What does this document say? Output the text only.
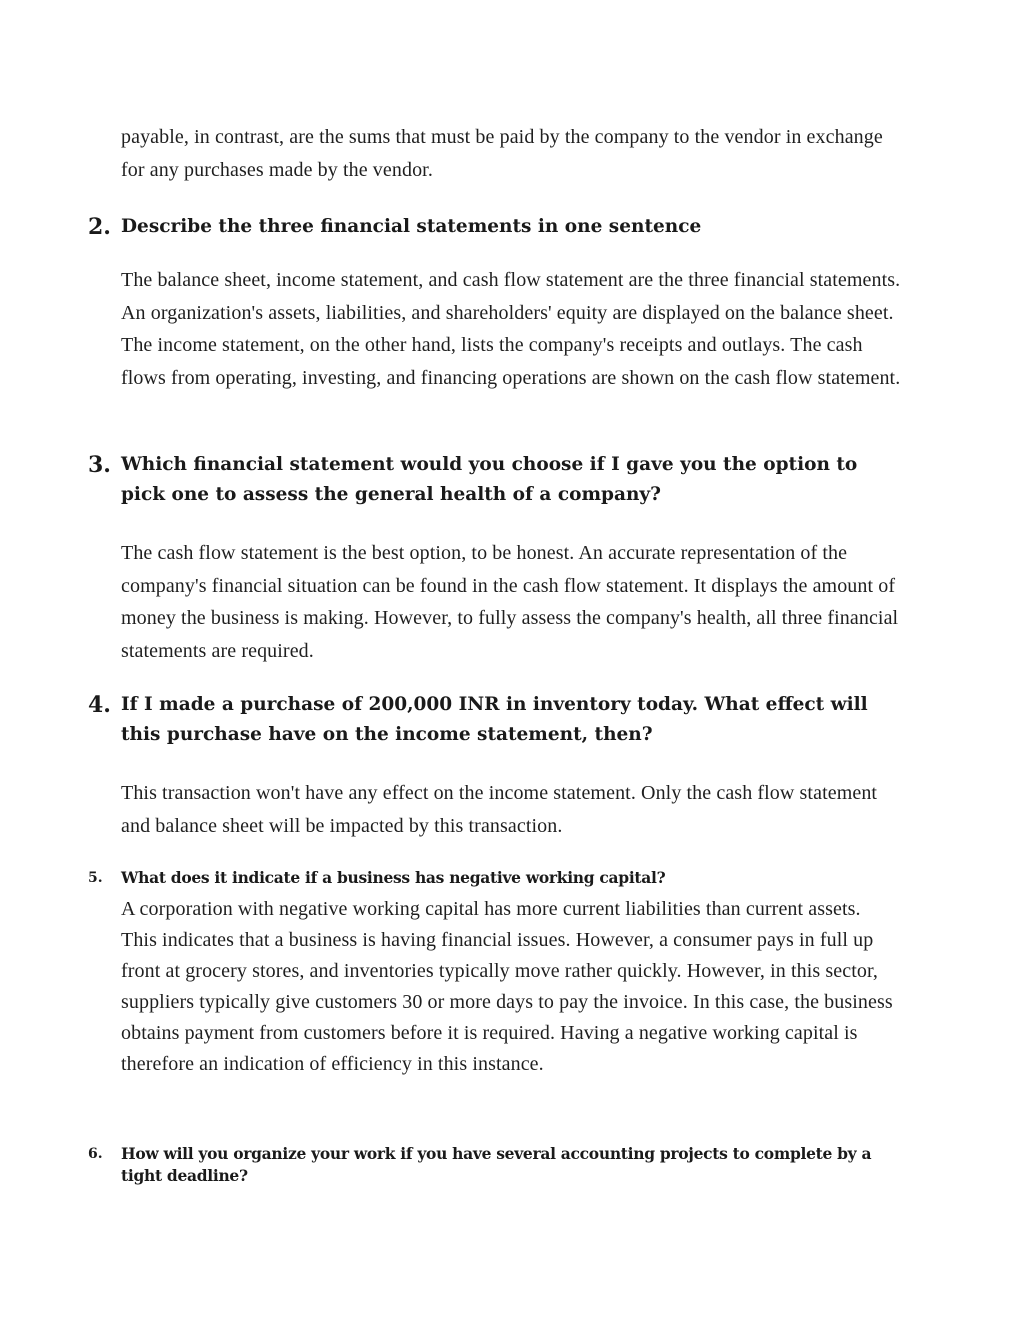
payable, in contrast, are the sums that must be paid by the company to the vendor in exchange for any purchases made by the vendor.

2. Describe the three financial statements in one sentence

The balance sheet, income statement, and cash flow statement are the three financial statements. An organization's assets, liabilities, and shareholders' equity are displayed on the balance sheet. The income statement, on the other hand, lists the company's receipts and outlays. The cash flows from operating, investing, and financing operations are shown on the cash flow statement.

3. Which financial statement would you choose if I gave you the option to pick one to assess the general health of a company?

The cash flow statement is the best option, to be honest. An accurate representation of the company's financial situation can be found in the cash flow statement. It displays the amount of money the business is making. However, to fully assess the company's health, all three financial statements are required.

4. If I made a purchase of 200,000 INR in inventory today. What effect will this purchase have on the income statement, then?

This transaction won't have any effect on the income statement. Only the cash flow statement and balance sheet will be impacted by this transaction.

5. What does it indicate if a business has negative working capital?

A corporation with negative working capital has more current liabilities than current assets. This indicates that a business is having financial issues. However, a consumer pays in full up front at grocery stores, and inventories typically move rather quickly. However, in this sector, suppliers typically give customers 30 or more days to pay the invoice. In this case, the business obtains payment from customers before it is required. Having a negative working capital is therefore an indication of efficiency in this instance.

6. How will you organize your work if you have several accounting projects to complete by a tight deadline?
